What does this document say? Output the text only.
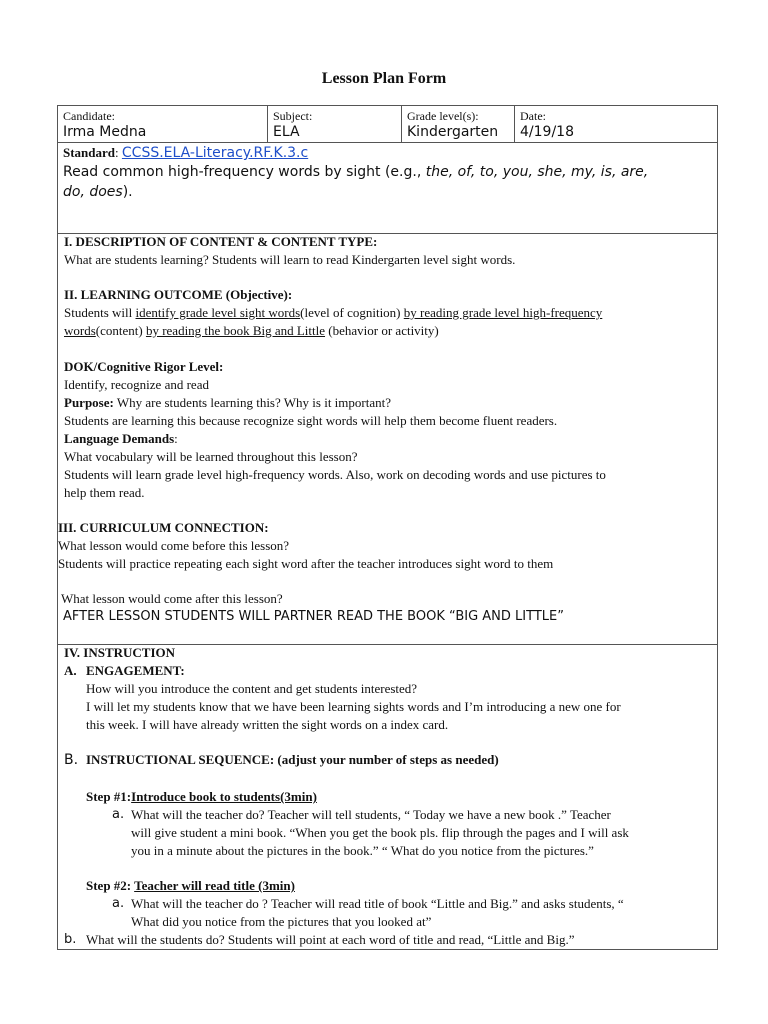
Lesson Plan Form
Candidate:
Irma Medna
Subject:
ELA
Grade level(s):
Kindergarten
Date:
4/19/18
Standard: CCSS.ELA-Literacy.RF.K.3.c
Read common high-frequency words by sight (e.g., the, of, to, you, she, my, is, are,
do, does).
I. DESCRIPTION OF CONTENT & CONTENT TYPE:
What are students learning? Students will learn to read Kindergarten level sight words.
II. LEARNING OUTCOME (Objective):
Students will identify grade level sight words(level of cognition) by reading grade level high-frequency
words(content) by reading the book Big and Little (behavior or activity)
DOK/Cognitive Rigor Level:
Identify, recognize and read
Purpose: Why are students learning this? Why is it important?
Students are learning this because recognize sight words will help them become fluent readers.
Language Demands:
What vocabulary will be learned throughout this lesson?
Students will learn grade level high-frequency words. Also, work on decoding words and use pictures to
help them read.
III. CURRICULUM CONNECTION:
What lesson would come before this lesson?
Students will practice repeating each sight word after the teacher introduces sight word to them
What lesson would come after this lesson?
AFTER LESSON STUDENTS WILL PARTNER READ THE BOOK “BIG AND LITTLE”
IV. INSTRUCTION
A. ENGAGEMENT:
How will you introduce the content and get students interested?
I will let my students know that we have been learning sights words and I’m introducing a new one for
this week. I will have already written the sight words on a index card.
B. INSTRUCTIONAL SEQUENCE: (adjust your number of steps as needed)
Step #1:Introduce book to students(3min)
a. What will the teacher do? Teacher will tell students, “ Today we have a new book .” Teacher
will give student a mini book. “When you get the book pls. flip through the pages and I will ask
you in a minute about the pictures in the book.” “ What do you notice from the pictures.”
Step #2: Teacher will read title (3min)
a. What will the teacher do ? Teacher will read title of book “Little and Big.” and asks students, “
What did you notice from the pictures that you looked at”
b. What will the students do? Students will point at each word of title and read, “Little and Big.”
